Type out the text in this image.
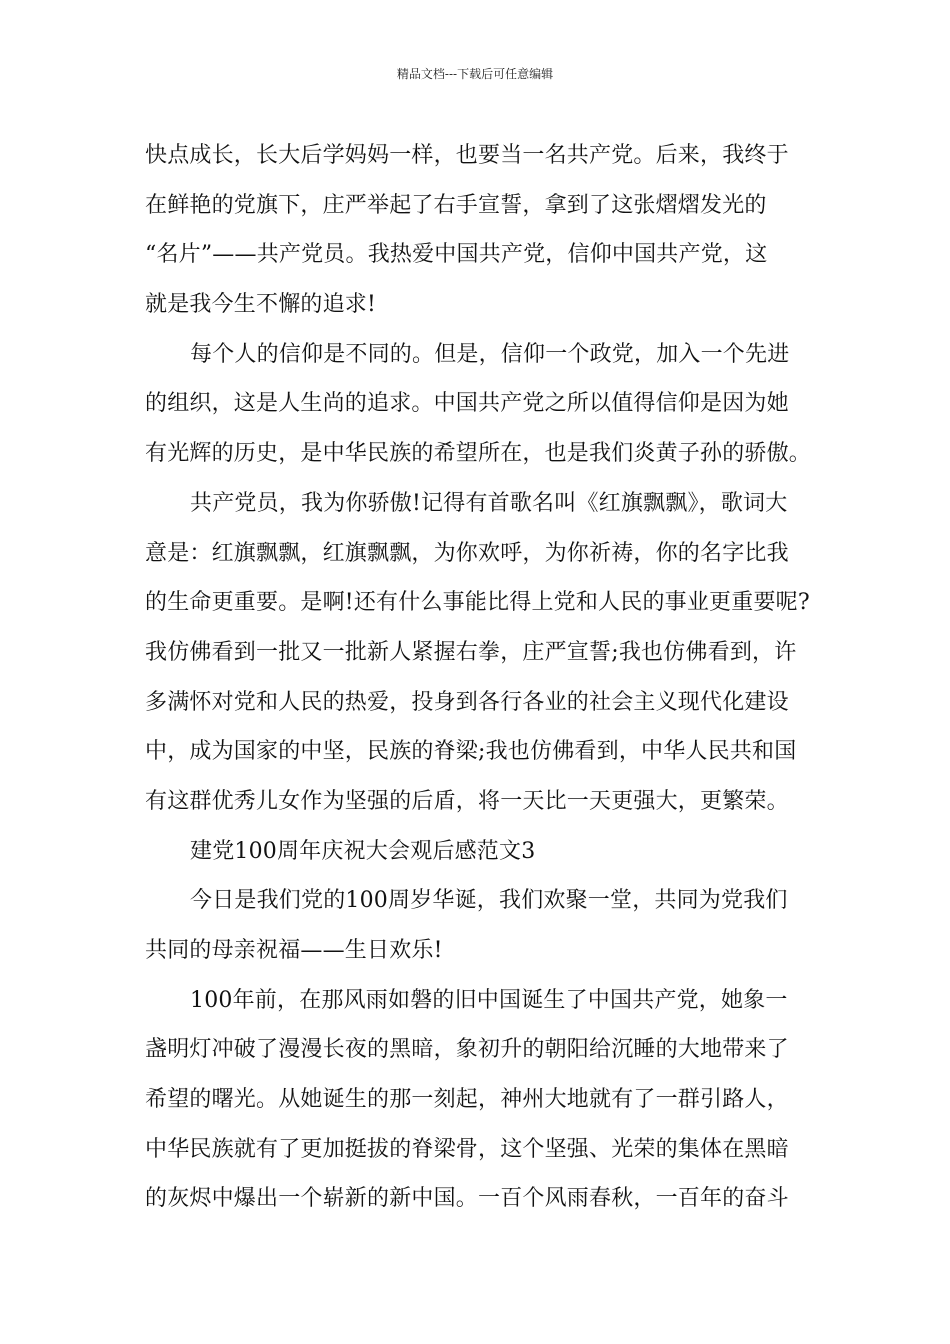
精品文档---下载后可任意编辑
快点成长，长大后学妈妈一样，也要当一名共产党。后来，我终于
在鲜艳的党旗下，庄严举起了右手宣誓，拿到了这张熠熠发光的
“名片”——共产党员。我热爱中国共产党，信仰中国共产党，这
就是我今生不懈的追求!
每个人的信仰是不同的。但是，信仰一个政党，加入一个先进
的组织，这是人生尚的追求。中国共产党之所以值得信仰是因为她
有光辉的历史，是中华民族的希望所在，也是我们炎黄子孙的骄傲。
共产党员，我为你骄傲!记得有首歌名叫《红旗飘飘》，歌词大
意是：红旗飘飘，红旗飘飘，为你欢呼，为你祈祷，你的名字比我
的生命更重要。是啊!还有什么事能比得上党和人民的事业更重要呢?
我仿佛看到一批又一批新人紧握右拳，庄严宣誓;我也仿佛看到，许
多满怀对党和人民的热爱，投身到各行各业的社会主义现代化建设
中，成为国家的中坚，民族的脊梁;我也仿佛看到，中华人民共和国
有这群优秀儿女作为坚强的后盾，将一天比一天更强大，更繁荣。
建党100周年庆祝大会观后感范文3
今日是我们党的100周岁华诞，我们欢聚一堂，共同为党我们
共同的母亲祝福——生日欢乐!
100年前，在那风雨如磐的旧中国诞生了中国共产党，她象一
盏明灯冲破了漫漫长夜的黑暗，象初升的朝阳给沉睡的大地带来了
希望的曙光。从她诞生的那一刻起，神州大地就有了一群引路人，
中华民族就有了更加挺拔的脊梁骨，这个坚强、光荣的集体在黑暗
的灰烬中爆出一个崭新的新中国。一百个风雨春秋，一百年的奋斗
